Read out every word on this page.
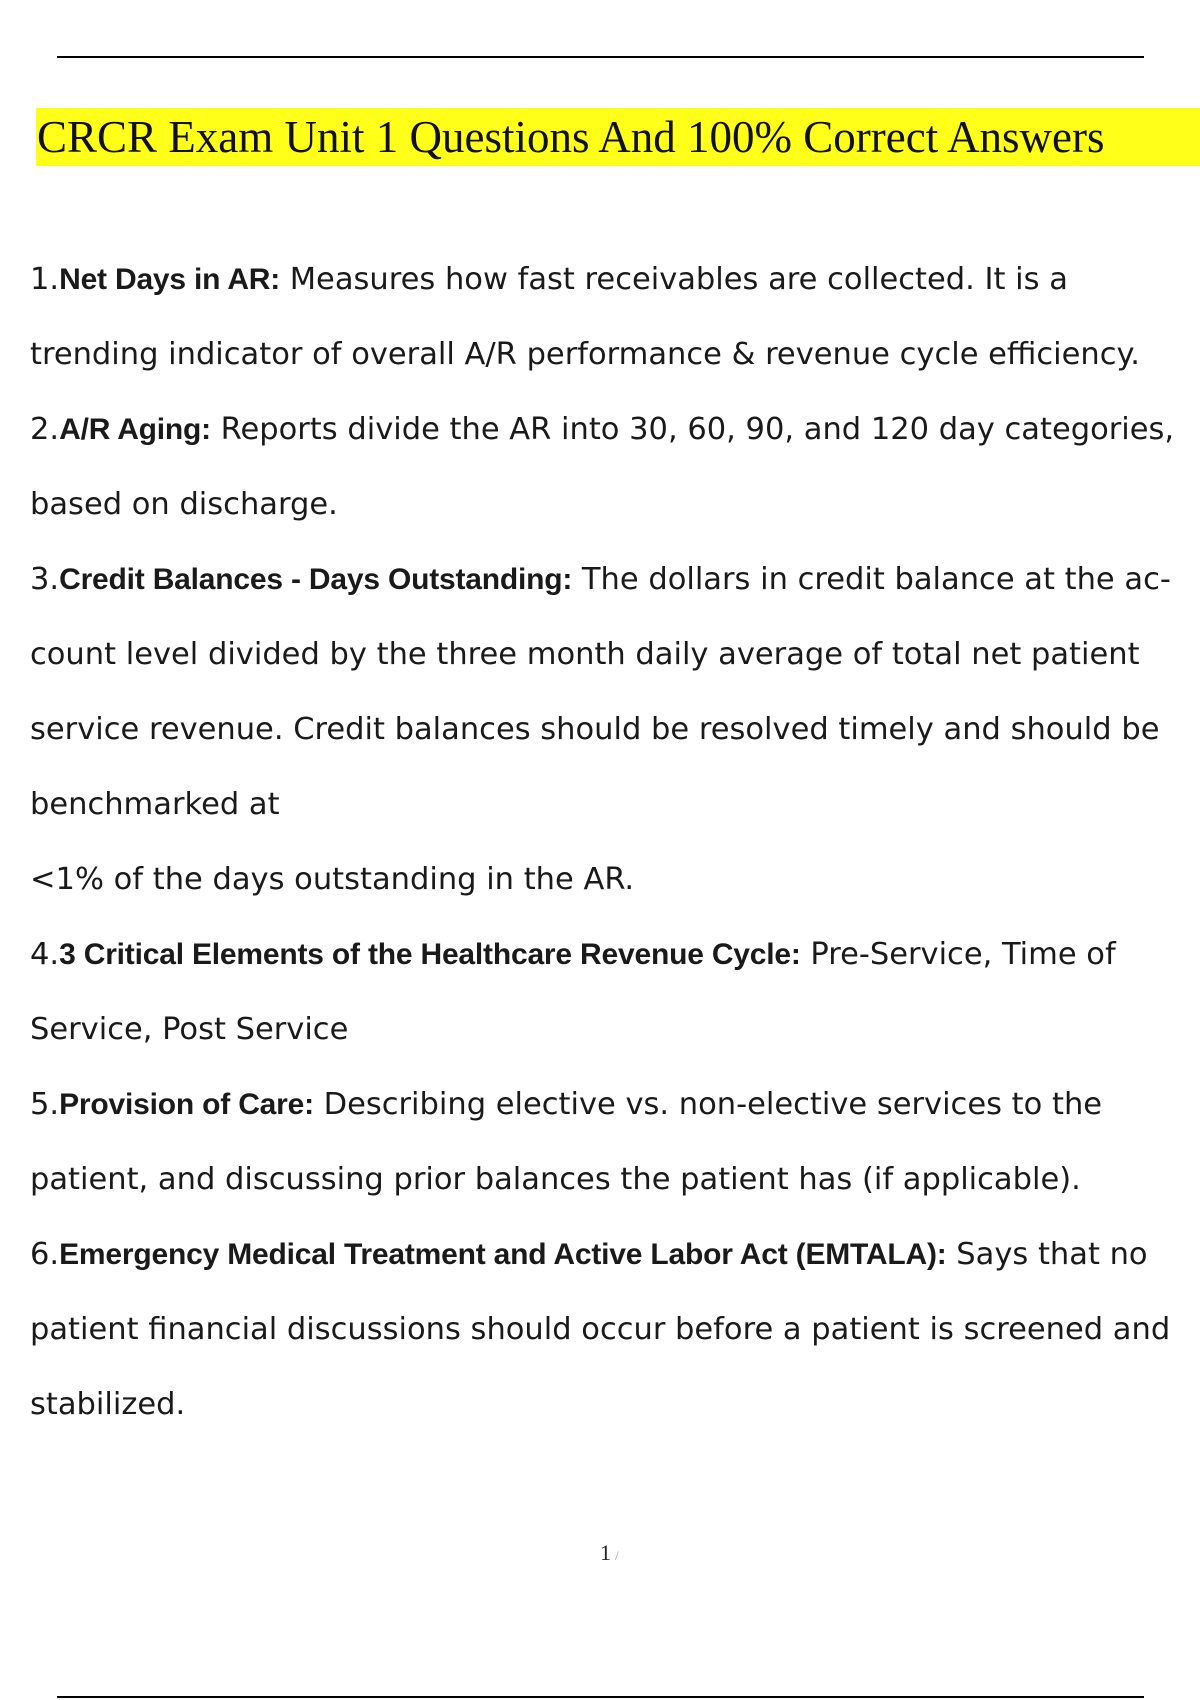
CRCR Exam Unit 1 Questions And 100% Correct Answers
1.Net Days in AR: Measures how fast receivables are collected. It is a trending indicator of overall A/R performance & revenue cycle efficiency.
2.A/R Aging: Reports divide the AR into 30, 60, 90, and 120 day categories, based on discharge.
3.Credit Balances - Days Outstanding: The dollars in credit balance at the ac- count level divided by the three month daily average of total net patient service revenue. Credit balances should be resolved timely and should be benchmarked at
<1% of the days outstanding in the AR.
4.3 Critical Elements of the Healthcare Revenue Cycle: Pre-Service, Time of Service, Post Service
5.Provision of Care: Describing elective vs. non-elective services to the patient, and discussing prior balances the patient has (if applicable).
6.Emergency Medical Treatment and Active Labor Act (EMTALA): Says that no patient financial discussions should occur before a patient is screened and stabilized.
1 /
